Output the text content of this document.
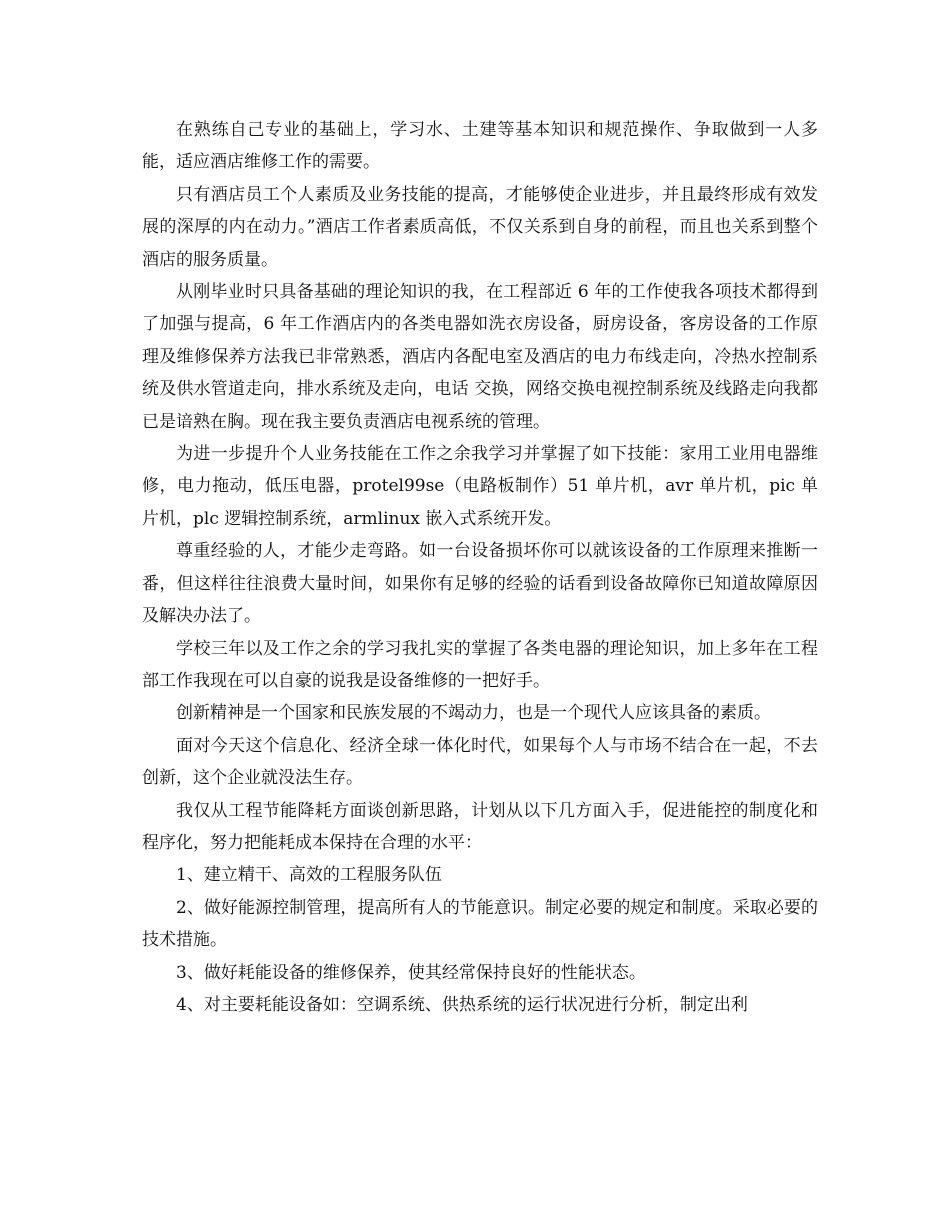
在熟练自己专业的基础上，学习水、土建等基本知识和规范操作、争取做到一人多能，适应酒店维修工作的需要。

只有酒店员工个人素质及业务技能的提高，才能够使企业进步，并且最终形成有效发展的深厚的内在动力。”酒店工作者素质高低，不仅关系到自身的前程，而且也关系到整个酒店的服务质量。

从刚毕业时只具备基础的理论知识的我，在工程部近 6 年的工作使我各项技术都得到了加强与提高，6 年工作酒店内的各类电器如洗衣房设备，厨房设备，客房设备的工作原理及维修保养方法我已非常熟悉，酒店内各配电室及酒店的电力布线走向，冷热水控制系统及供水管道走向，排水系统及走向，电话 交换，网络交换电视控制系统及线路走向我都已是谙熟在胸。现在我主要负责酒店电视系统的管理。

为进一步提升个人业务技能在工作之余我学习并掌握了如下技能：家用工业用电器维修，电力拖动，低压电器，protel99se（电路板制作）51 单片机，avr 单片机，pic 单片机，plc 逻辑控制系统，armlinux 嵌入式系统开发。

尊重经验的人，才能少走弯路。如一台设备损坏你可以就该设备的工作原理来推断一番，但这样往往浪费大量时间，如果你有足够的经验的话看到设备故障你已知道故障原因及解决办法了。

学校三年以及工作之余的学习我扎实的掌握了各类电器的理论知识，加上多年在工程部工作我现在可以自豪的说我是设备维修的一把好手。

创新精神是一个国家和民族发展的不竭动力，也是一个现代人应该具备的素质。

面对今天这个信息化、经济全球一体化时代，如果每个人与市场不结合在一起，不去创新，这个企业就没法生存。

我仅从工程节能降耗方面谈创新思路，计划从以下几方面入手，促进能控的制度化和程序化，努力把能耗成本保持在合理的水平：

1、建立精干、高效的工程服务队伍

2、做好能源控制管理，提高所有人的节能意识。制定必要的规定和制度。采取必要的技术措施。

3、做好耗能设备的维修保养，使其经常保持良好的性能状态。

4、对主要耗能设备如：空调系统、供热系统的运行状况进行分析，制定出利
